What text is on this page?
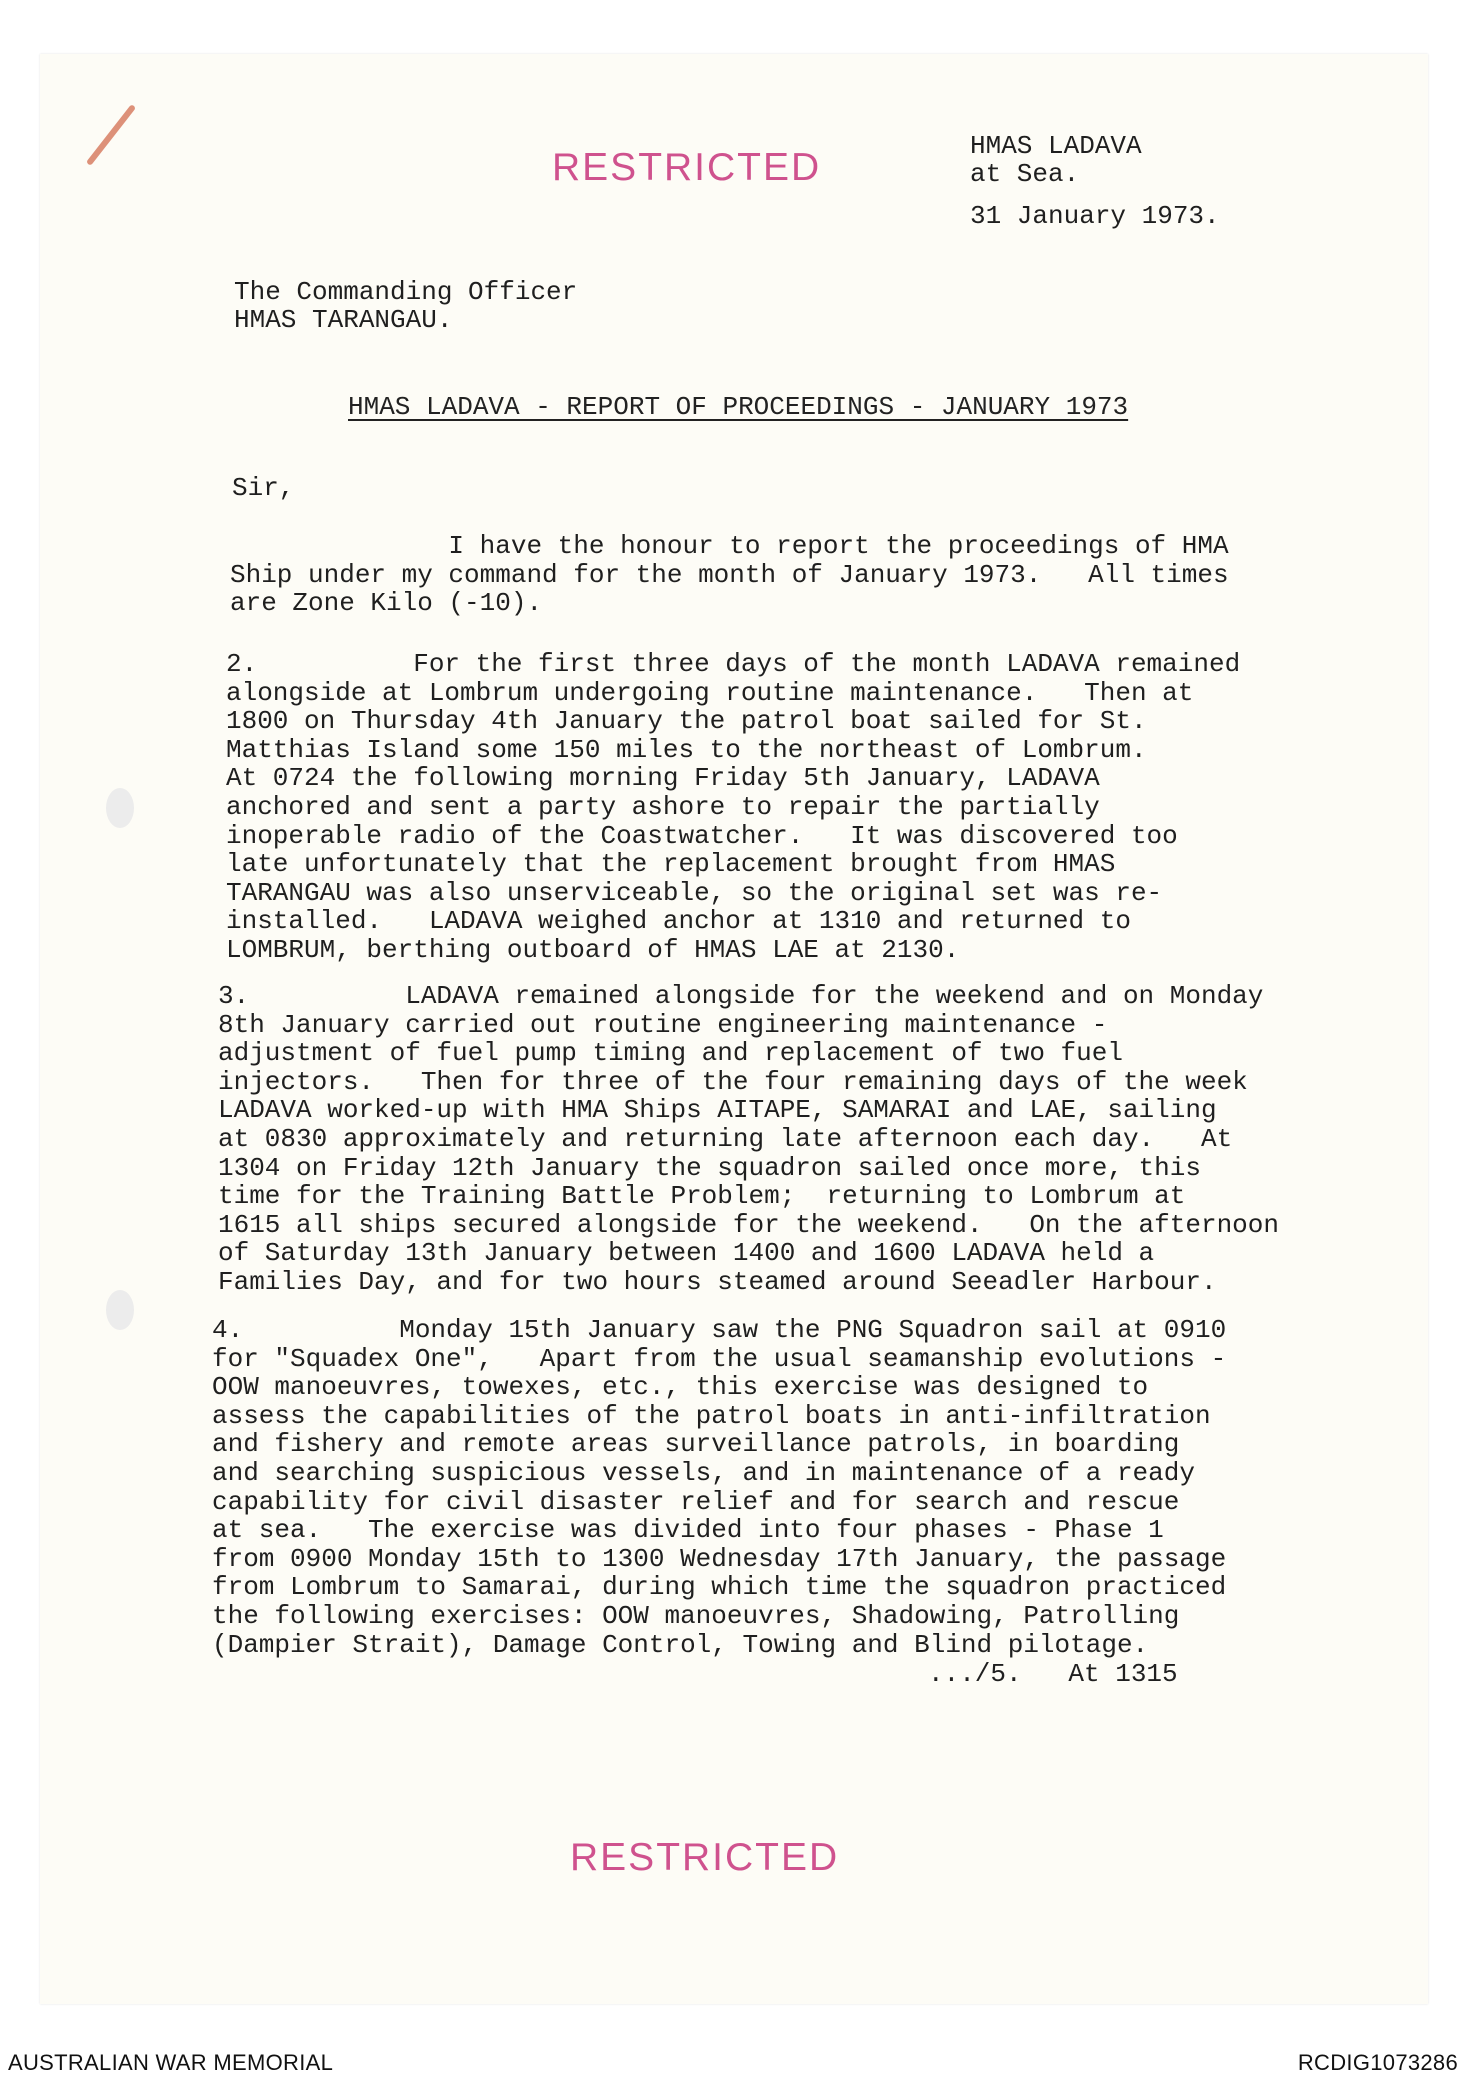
RESTRICTED	HMAS LADAVA
at Sea.

31 January 1973.

The Commanding Officer
HMAS TARANGAU.

HMAS LADAVA - REPORT OF PROCEEDINGS - JANUARY 1973

Sir,

I have the honour to report the proceedings of HMA
Ship under my command for the month of January 1973.   All times
are Zone Kilo (-10).

2.          For the first three days of the month LADAVA remained
alongside at Lombrum undergoing routine maintenance.   Then at
1800 on Thursday 4th January the patrol boat sailed for St.
Matthias Island some 150 miles to the northeast of Lombrum.
At 0724 the following morning Friday 5th January, LADAVA
anchored and sent a party ashore to repair the partially
inoperable radio of the Coastwatcher.   It was discovered too
late unfortunately that the replacement brought from HMAS
TARANGAU was also unserviceable, so the original set was re-
installed.   LADAVA weighed anchor at 1310 and returned to
LOMBRUM, berthing outboard of HMAS LAE at 2130.

3.          LADAVA remained alongside for the weekend and on Monday
8th January carried out routine engineering maintenance -
adjustment of fuel pump timing and replacement of two fuel
injectors.   Then for three of the four remaining days of the week
LADAVA worked-up with HMA Ships AITAPE, SAMARAI and LAE, sailing
at 0830 approximately and returning late afternoon each day.   At
1304 on Friday 12th January the squadron sailed once more, this
time for the Training Battle Problem;  returning to Lombrum at
1615 all ships secured alongside for the weekend.   On the afternoon
of Saturday 13th January between 1400 and 1600 LADAVA held a
Families Day, and for two hours steamed around Seeadler Harbour.

4.          Monday 15th January saw the PNG Squadron sail at 0910
for "Squadex One",   Apart from the usual seamanship evolutions -
OOW manoeuvres, towexes, etc., this exercise was designed to
assess the capabilities of the patrol boats in anti-infiltration
and fishery and remote areas surveillance patrols, in boarding
and searching suspicious vessels, and in maintenance of a ready
capability for civil disaster relief and for search and rescue
at sea.   The exercise was divided into four phases - Phase 1
from 0900 Monday 15th to 1300 Wednesday 17th January, the passage
from Lombrum to Samarai, during which time the squadron practiced
the following exercises: OOW manoeuvres, Shadowing, Patrolling
(Dampier Strait), Damage Control, Towing and Blind pilotage.

.../5.   At 1315

RESTRICTED
AUSTRALIAN WAR MEMORIAL	RCDIG1073286
